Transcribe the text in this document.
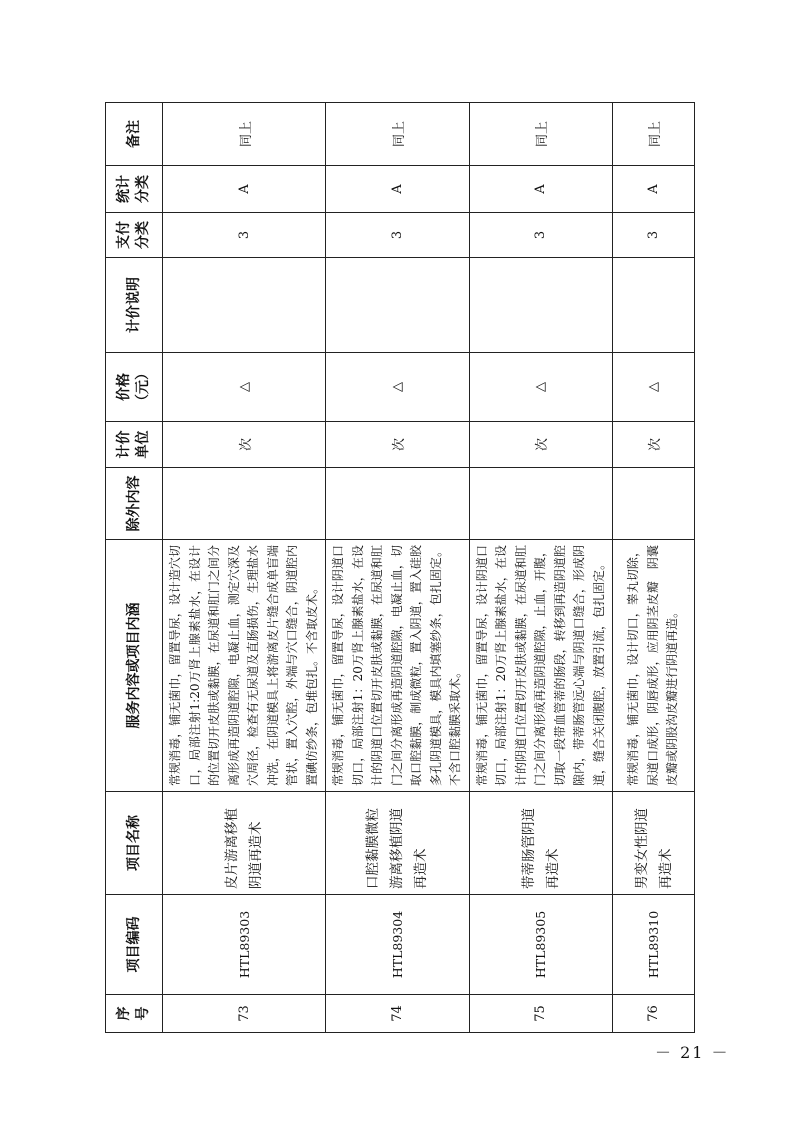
序号	项目编码	项目名称	服务内容或项目内涵	除外内容	计价单位	价格（元）	计价说明	支付分类	统计分类	备注
73	HTL89303	皮片游离移植阴道再造术	常规消毒，铺无菌巾，留置导尿，设计造穴切口，局部注射1:20万肾上腺素盐水，在设计的位置切开皮肤或黏膜，在尿道和肛门之间分离形成再造阴道腔隙，电凝止血，测定穴深及穴周径，检查有无尿道及直肠损伤，生理盐水冲洗，在阴道模具上将游离皮片缝合成单盲端管状，置入穴腔，外端与穴口缝合，阴道腔内置碘仿纱条，包堆包扎。不含取皮术。		次	△		3	A	同上
74	HTL89304	口腔黏膜微粒游离移植阴道再造术	常规消毒，铺无菌巾，留置导尿，设计阴道口切口，局部注射1：20万肾上腺素盐水，在设计的阴道口位置切开皮肤或黏膜，在尿道和肛门之间分离形成再造阴道腔隙，电凝止血，切取口腔黏膜，制成微粒，置入阴道，置入硅胶多孔阴道模具，模具内填塞纱条，包扎固定。不含口腔黏膜采取术。		次	△		3	A	同上
75	HTL89305	带蒂肠管阴道再造术	常规消毒，铺无菌巾，留置导尿，设计阴道口切口，局部注射1：20万肾上腺素盐水，在设计的阴道口位置切开皮肤或黏膜，在尿道和肛门之间分离形成再造阴道腔隙，止血，开腹，切取一段带血管蒂的肠段，转移到再造阴道腔隙内，带蒂肠管远心端与阴道口缝合，形成阴道，缝合关闭腹腔，放置引流，包扎固定。		次	△		3	A	同上
76	HTL89310	男变女性阴道再造术	常规消毒，铺无菌巾，设计切口，睾丸切除，尿道口成形，阴唇成形，应用阴茎皮瓣　阴囊皮瓣或阴股沟皮瓣进行阴道再造。		次	△		3	A	同上
－ 21 －
